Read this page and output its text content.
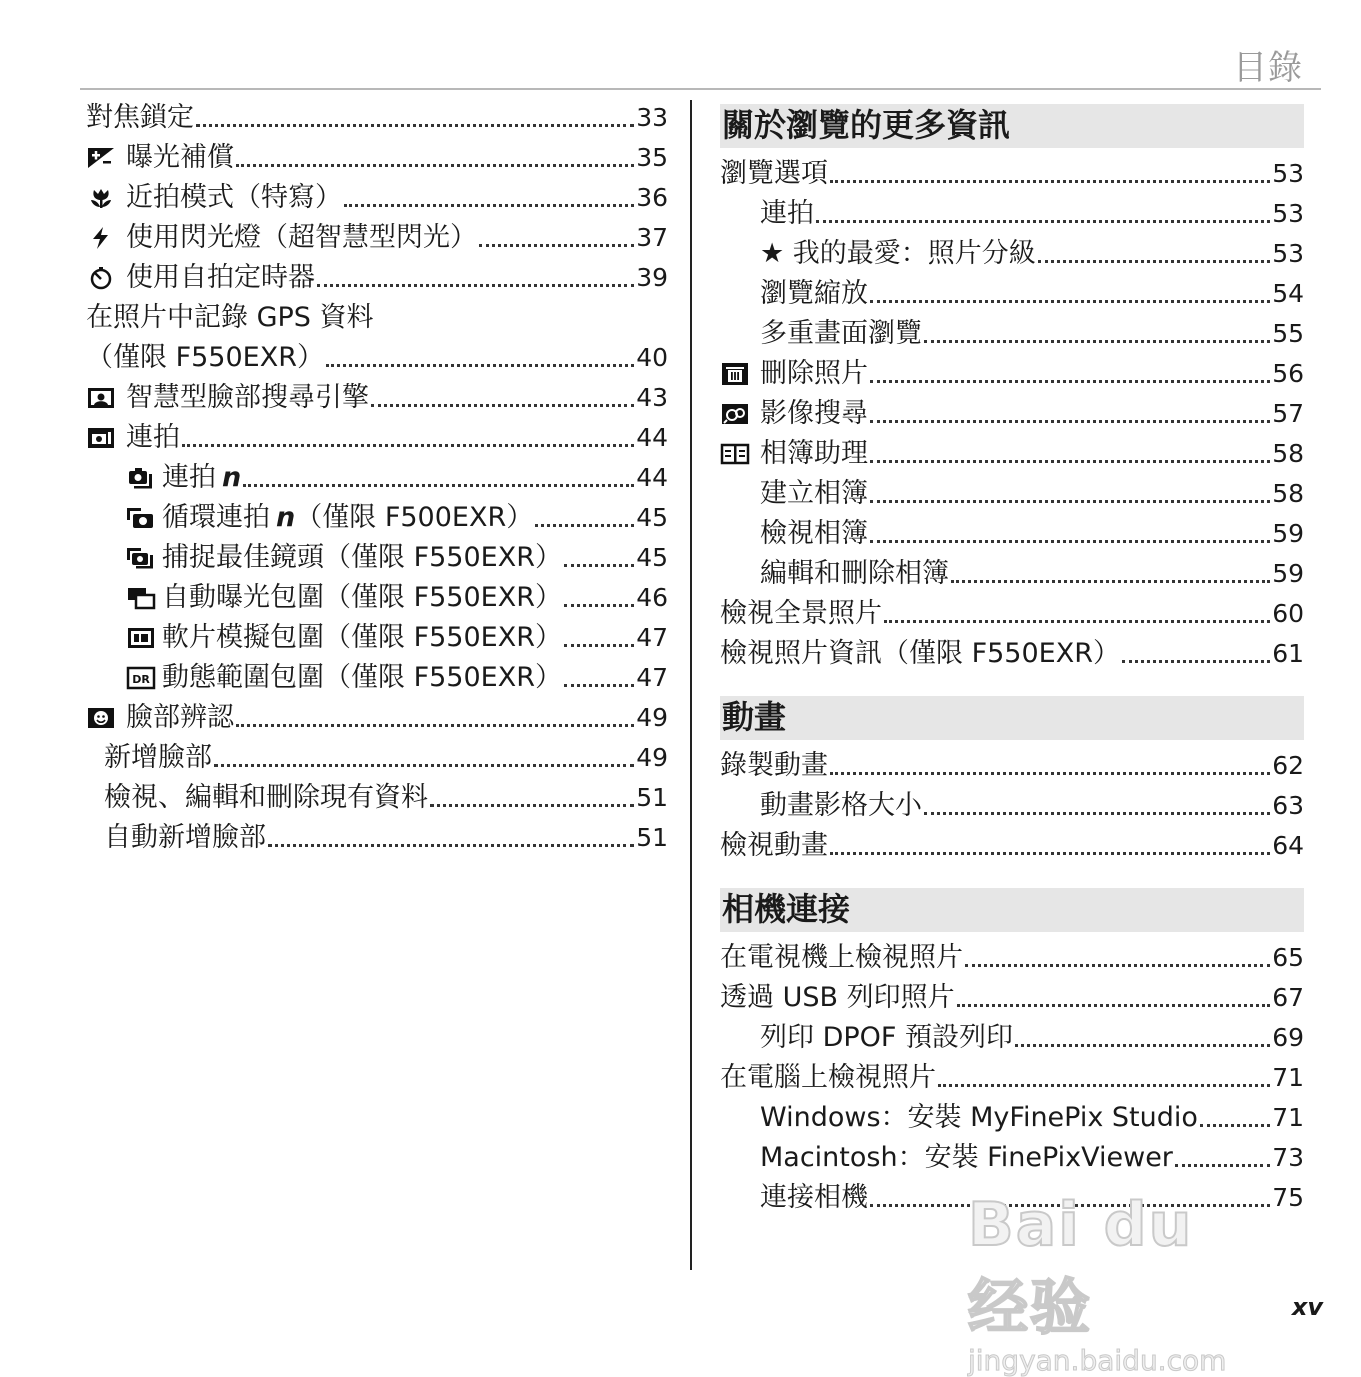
目錄
對焦鎖定	33
曝光補償	35
近拍模式（特寫）	36
使用閃光燈（超智慧型閃光）	37
使用自拍定時器	39
在照片中記錄 GPS 資料
（僅限 F550EXR）	40
智慧型臉部搜尋引擎	43
連拍	44
連拍 n	44
循環連拍 n （僅限 F500EXR）	45
捕捉最佳鏡頭（僅限 F550EXR）	45
自動曝光包圍（僅限 F550EXR）	46
軟片模擬包圍（僅限 F550EXR）	47
DR 動態範圍包圍（僅限 F550EXR）	47
臉部辨認	49
新增臉部	49
檢視、編輯和刪除現有資料	51
自動新增臉部	51
關於瀏覽的更多資訊
瀏覽選項	53
連拍	53
★ 我的最愛：照片分級	53
瀏覽縮放	54
多重畫面瀏覽	55
刪除照片	56
影像搜尋	57
相簿助理	58
建立相簿	58
檢視相簿	59
編輯和刪除相簿	59
檢視全景照片	60
檢視照片資訊（僅限 F550EXR）	61
動畫
錄製動畫	62
動畫影格大小	63
檢視動畫	64
相機連接
在電視機上檢視照片	65
透過 USB 列印照片	67
列印 DPOF 預設列印	69
在電腦上檢視照片	71
Windows：安裝 MyFinePix Studio	71
Macintosh：安裝 FinePixViewer	73
連接相機	75
xv
Bai du 经验
jingyan.baidu.com
